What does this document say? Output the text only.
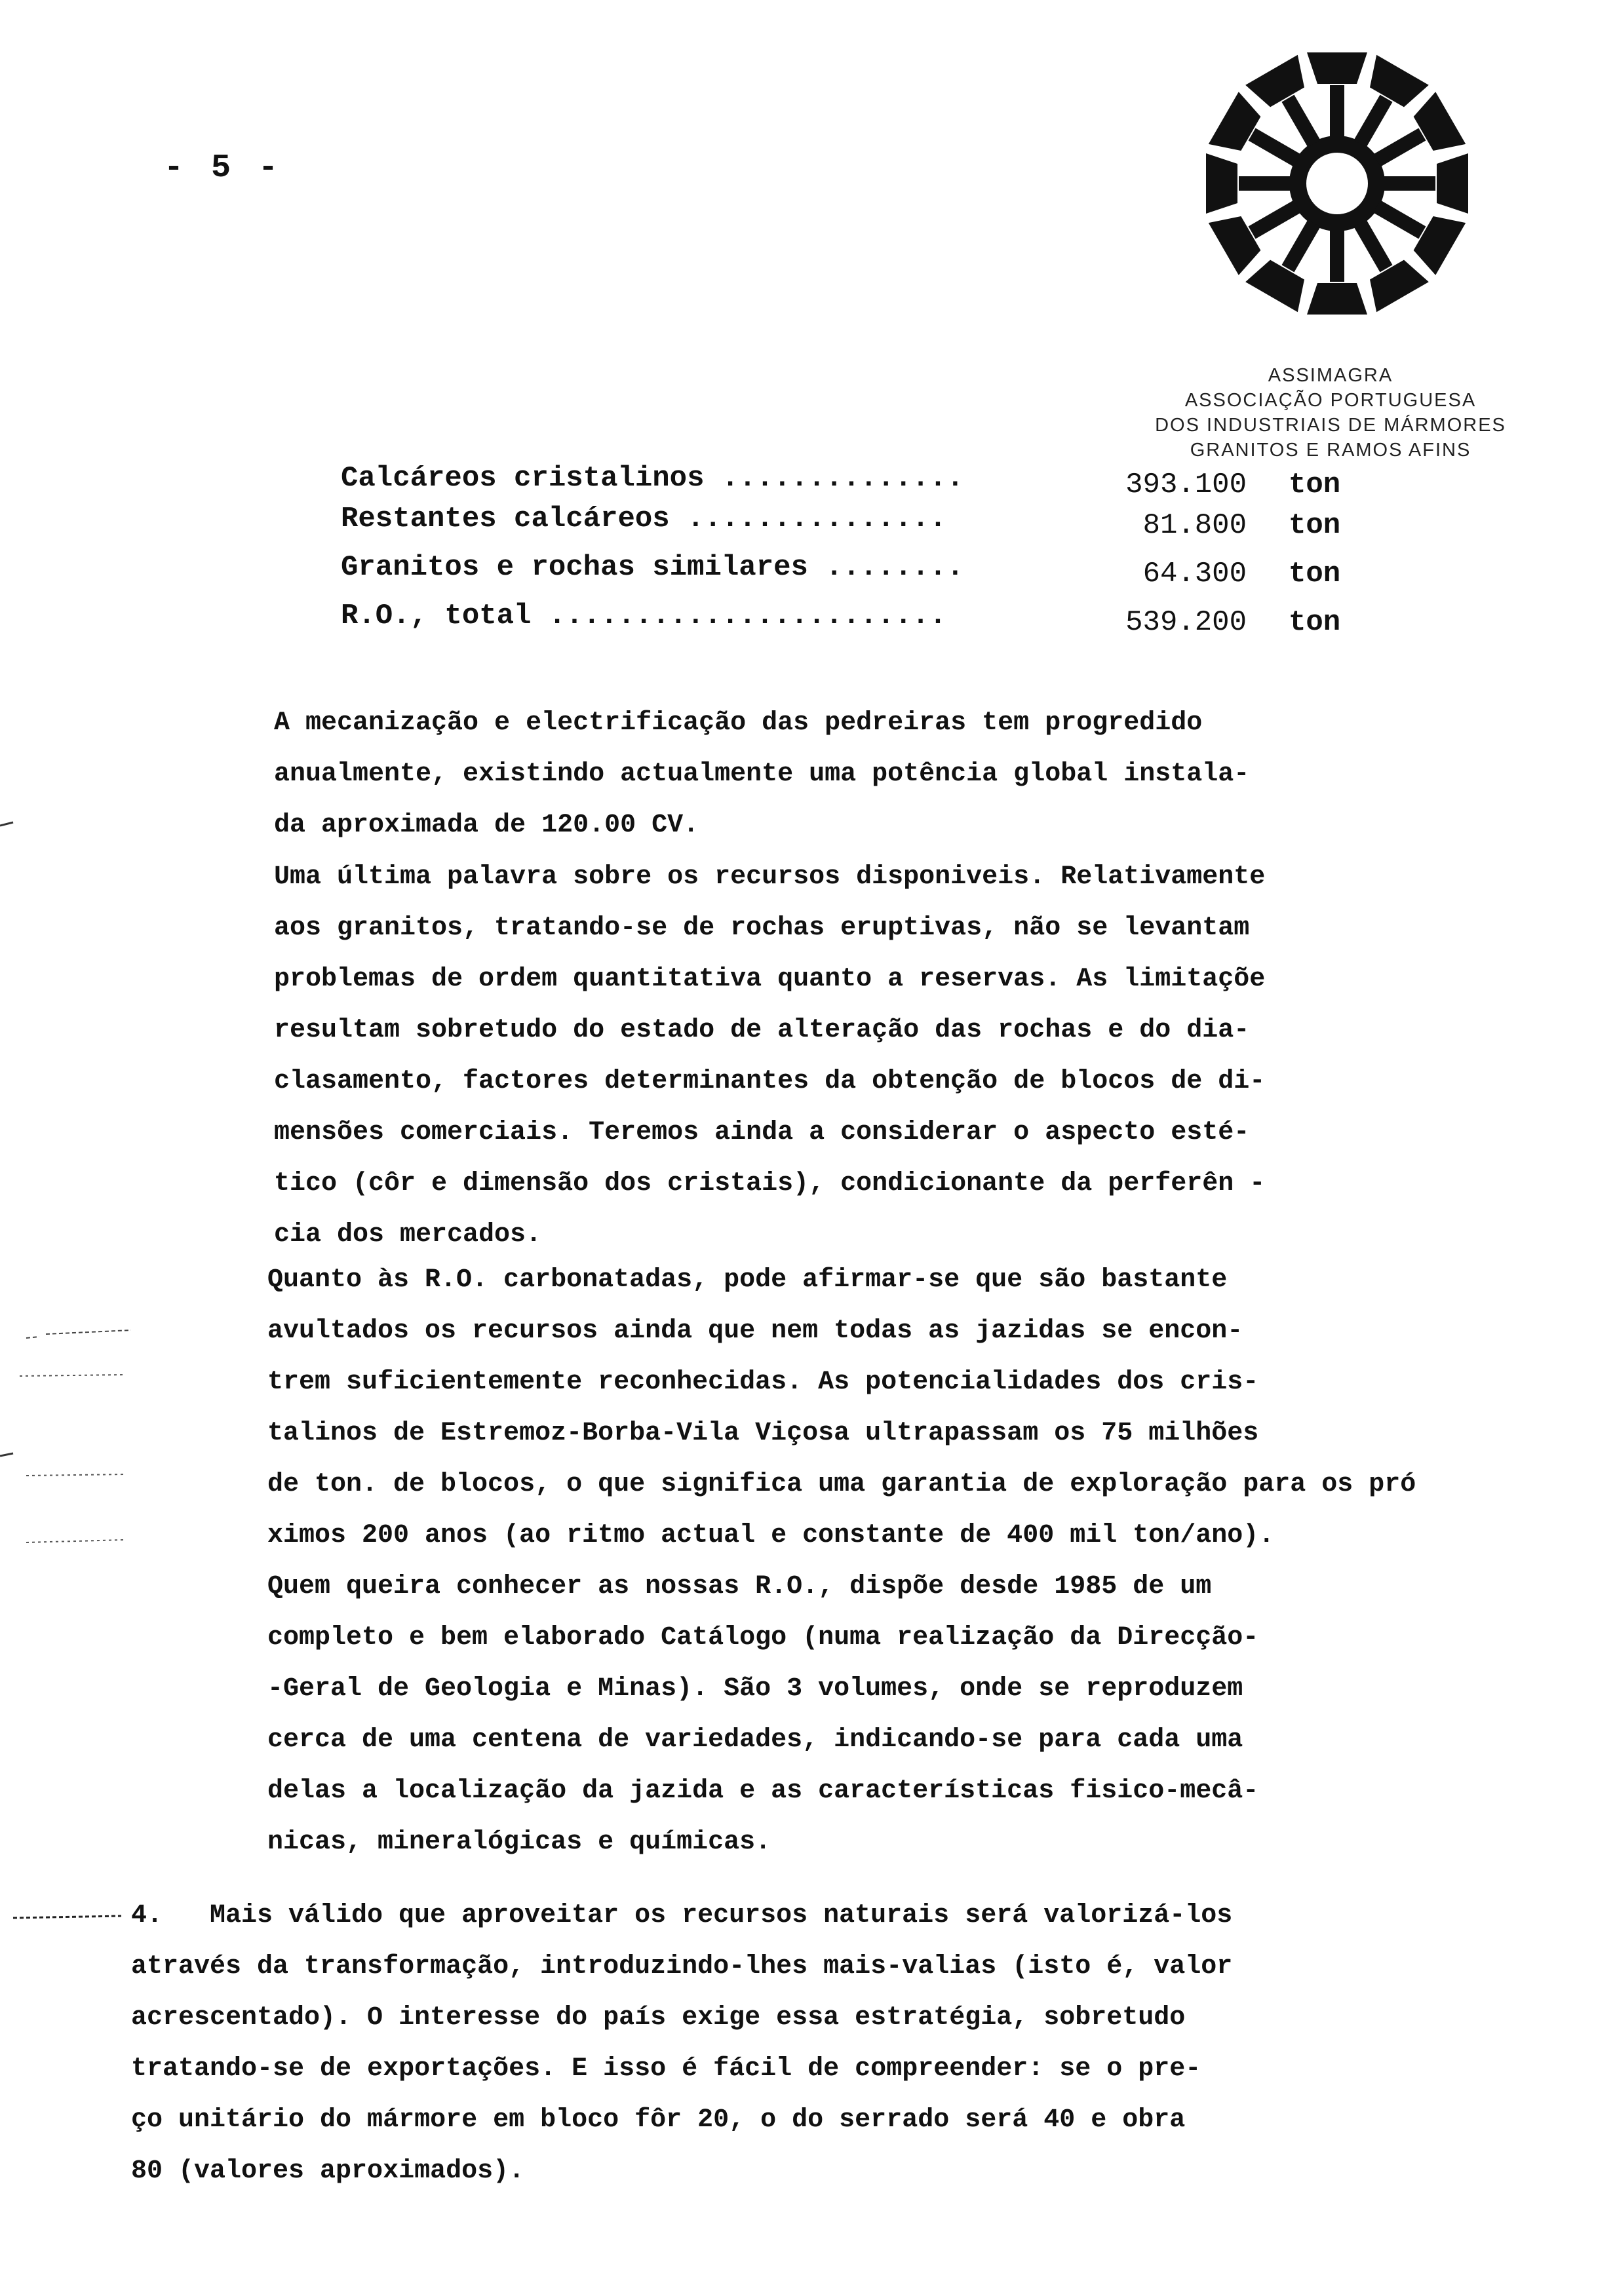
- 5 -
ASSIMAGRA
ASSOCIAÇÃO PORTUGUESA
DOS INDUSTRIAIS DE MÁRMORES
GRANITOS E RAMOS AFINS
Calcáreos cristalinos ..............	393.100 ton
Restantes calcáreos ...............	81.800 ton
Granitos e rochas similares ........	64.300 ton
R.O., total .......................	539.200 ton
A mecanização e electrificação das pedreiras tem progredido
anualmente, existindo actualmente uma potência global instala-
da aproximada de 120.00 CV.
Uma última palavra sobre os recursos disponiveis. Relativamente
aos granitos, tratando-se de rochas eruptivas, não se levantam
problemas de ordem quantitativa quanto a reservas. As limitaçõe
resultam sobretudo do estado de alteração das rochas e do dia-
clasamento, factores determinantes da obtenção de blocos de di-
mensões comerciais. Teremos ainda a considerar o aspecto esté-
tico (côr e dimensão dos cristais), condicionante da perferên -
cia dos mercados.
Quanto às R.O. carbonatadas, pode afirmar-se que são bastante
avultados os recursos ainda que nem todas as jazidas se encon-
trem suficientemente reconhecidas. As potencialidades dos cris-
talinos de Estremoz-Borba-Vila Viçosa ultrapassam os 75 milhões
de ton. de blocos, o que significa uma garantia de exploração para os pró
ximos 200 anos (ao ritmo actual e constante de 400 mil ton/ano).
Quem queira conhecer as nossas R.O., dispõe desde 1985 de um
completo e bem elaborado Catálogo (numa realização da Direcção-
-Geral de Geologia e Minas). São 3 volumes, onde se reproduzem
cerca de uma centena de variedades, indicando-se para cada uma
delas a localização da jazida e as características fisico-mecâ-
nicas, mineralógicas e químicas.
4. Mais válido que aproveitar os recursos naturais será valorizá-los
através da transformação, introduzindo-lhes mais-valias (isto é, valor
acrescentado). O interesse do país exige essa estratégia, sobretudo
tratando-se de exportações. E isso é fácil de compreender: se o pre-
ço unitário do mármore em bloco fôr 20, o do serrado será 40 e obra
80 (valores aproximados).
